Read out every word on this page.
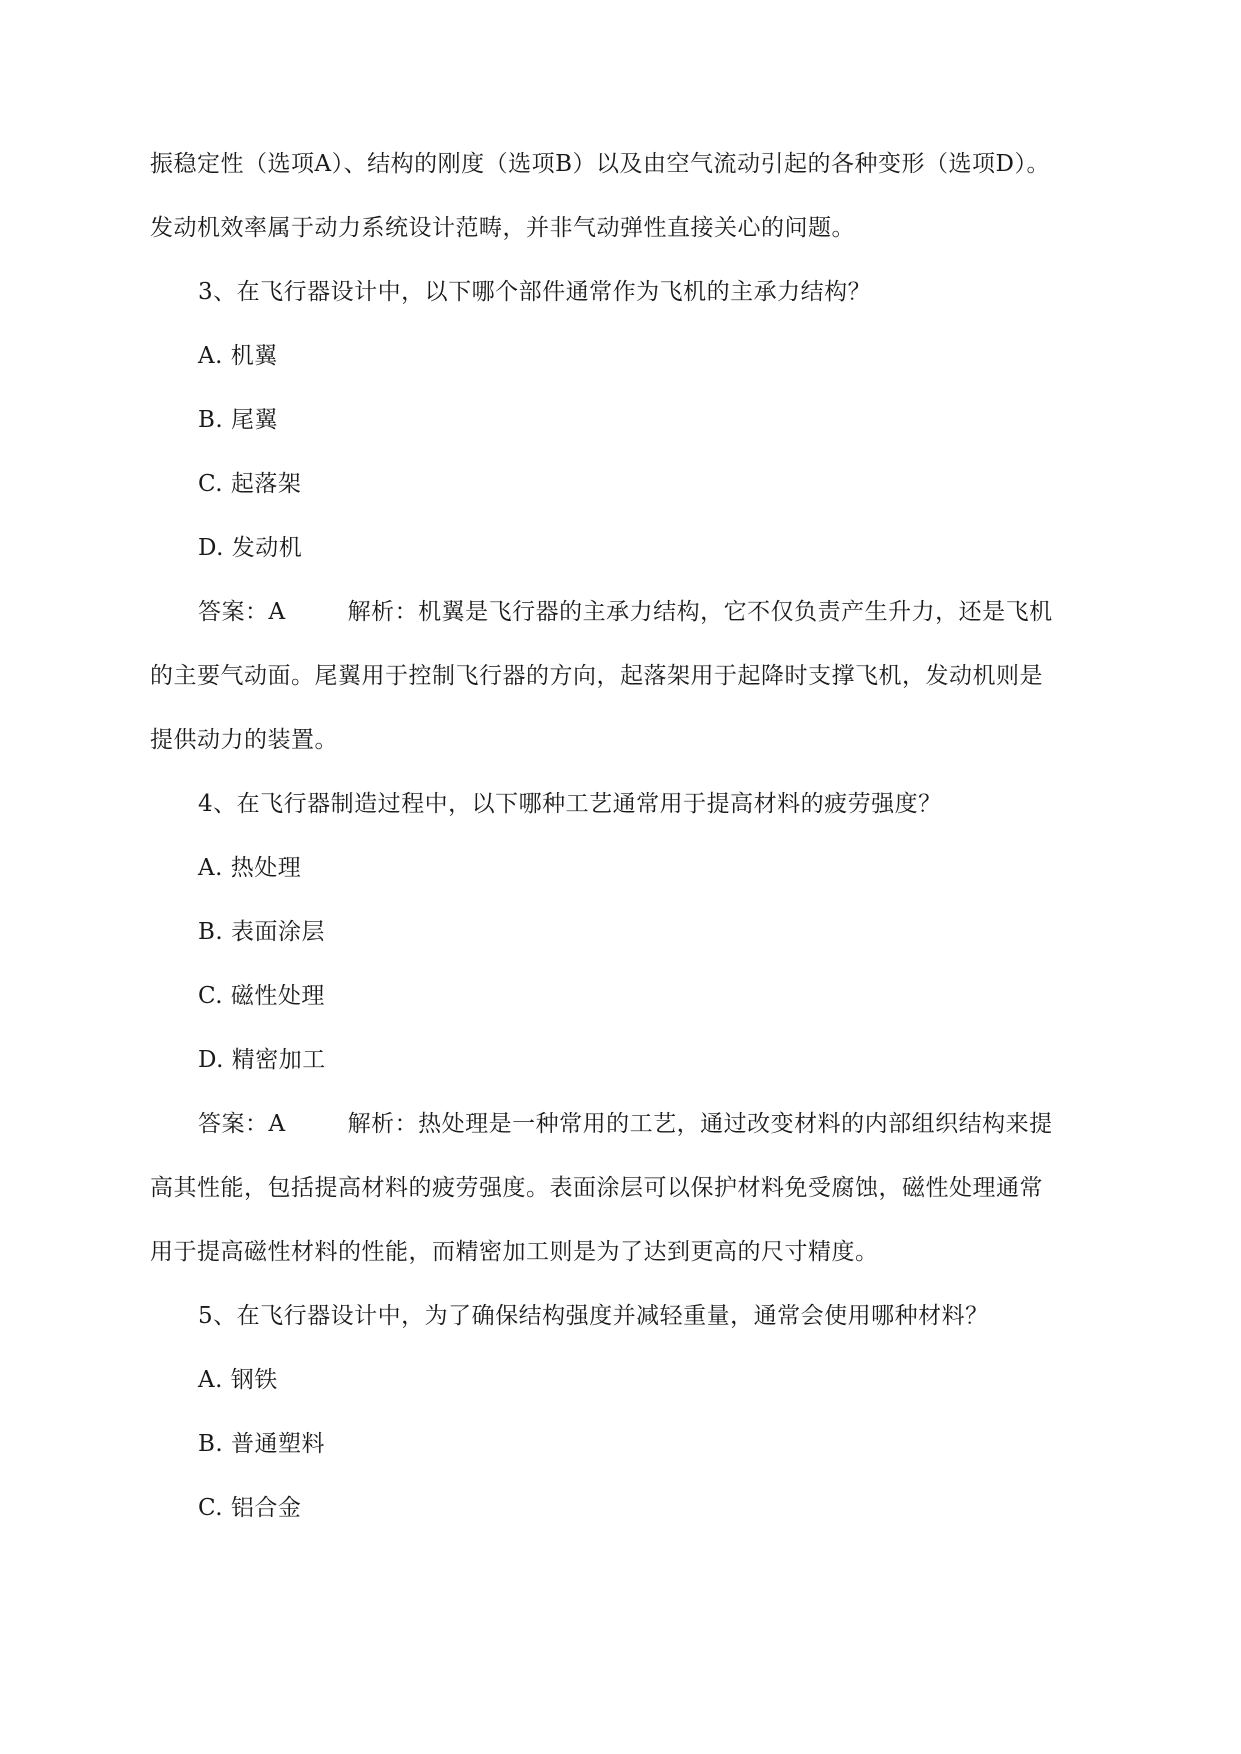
振稳定性（选项A）、结构的刚度（选项B）以及由空气流动引起的各种变形（选项D）。
发动机效率属于动力系统设计范畴，并非气动弹性直接关心的问题。
3、在飞行器设计中，以下哪个部件通常作为飞机的主承力结构？
A. 机翼
B. 尾翼
C. 起落架
D. 发动机
答案：A	解析：机翼是飞行器的主承力结构，它不仅负责产生升力，还是飞机
的主要气动面。尾翼用于控制飞行器的方向，起落架用于起降时支撑飞机，发动机则是
提供动力的装置。
4、在飞行器制造过程中，以下哪种工艺通常用于提高材料的疲劳强度？
A. 热处理
B. 表面涂层
C. 磁性处理
D. 精密加工
答案：A	解析：热处理是一种常用的工艺，通过改变材料的内部组织结构来提
高其性能，包括提高材料的疲劳强度。表面涂层可以保护材料免受腐蚀，磁性处理通常
用于提高磁性材料的性能，而精密加工则是为了达到更高的尺寸精度。
5、在飞行器设计中，为了确保结构强度并减轻重量，通常会使用哪种材料？
A. 钢铁
B. 普通塑料
C. 铝合金
